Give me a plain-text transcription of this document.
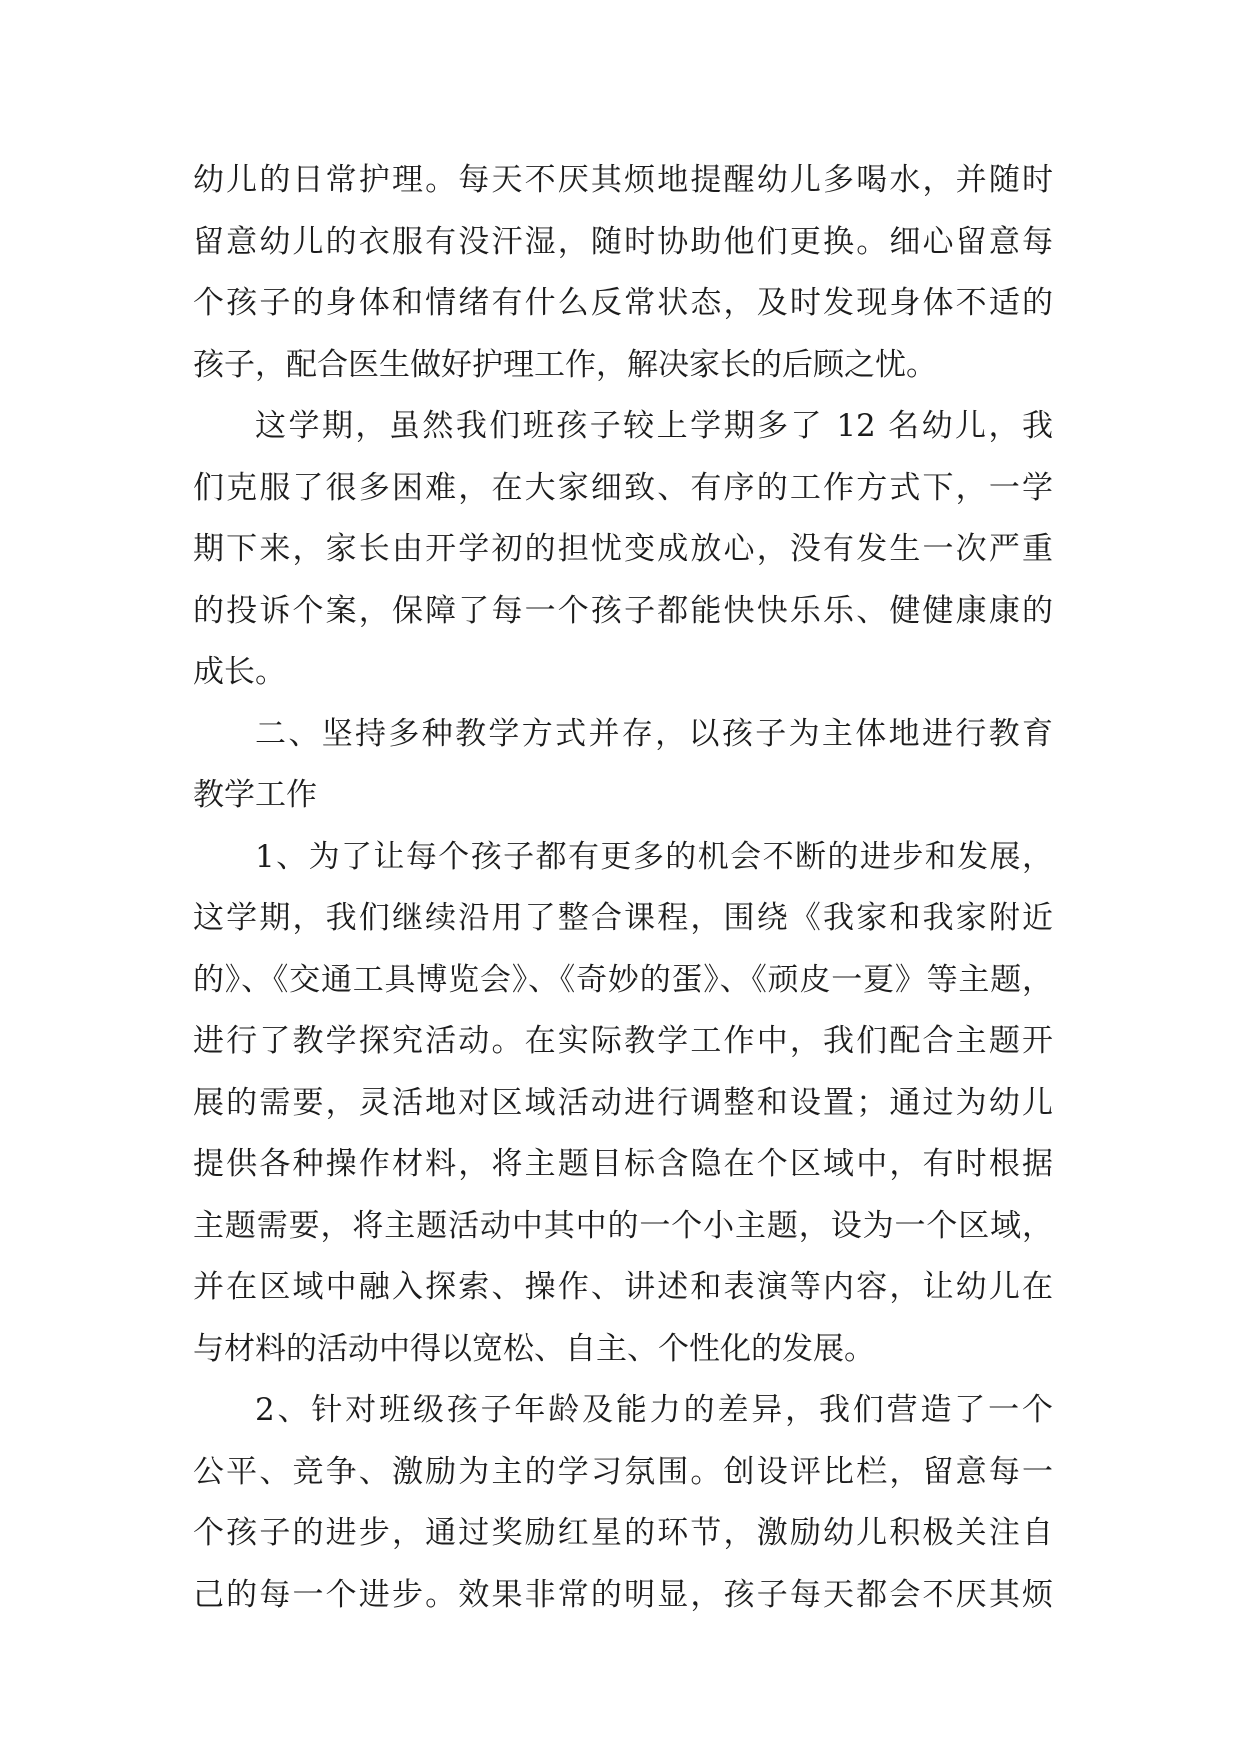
幼儿的日常护理。每天不厌其烦地提醒幼儿多喝水，并随时
留意幼儿的衣服有没汗湿，随时协助他们更换。细心留意每
个孩子的身体和情绪有什么反常状态，及时发现身体不适的
孩子，配合医生做好护理工作，解决家长的后顾之忧。
这学期，虽然我们班孩子较上学期多了 12 名幼儿，我
们克服了很多困难，在大家细致、有序的工作方式下，一学
期下来，家长由开学初的担忧变成放心，没有发生一次严重
的投诉个案，保障了每一个孩子都能快快乐乐、健健康康的
成长。
二、坚持多种教学方式并存，以孩子为主体地进行教育
教学工作
1、为了让每个孩子都有更多的机会不断的进步和发展，
这学期，我们继续沿用了整合课程，围绕《我家和我家附近
的》、《交通工具博览会》、《奇妙的蛋》、《顽皮一夏》等主题，
进行了教学探究活动。在实际教学工作中，我们配合主题开
展的需要，灵活地对区域活动进行调整和设置；通过为幼儿
提供各种操作材料，将主题目标含隐在个区域中，有时根据
主题需要，将主题活动中其中的一个小主题，设为一个区域，
并在区域中融入探索、操作、讲述和表演等内容，让幼儿在
与材料的活动中得以宽松、自主、个性化的发展。
2、针对班级孩子年龄及能力的差异，我们营造了一个
公平、竞争、激励为主的学习氛围。创设评比栏，留意每一
个孩子的进步，通过奖励红星的环节，激励幼儿积极关注自
己的每一个进步。效果非常的明显，孩子每天都会不厌其烦
